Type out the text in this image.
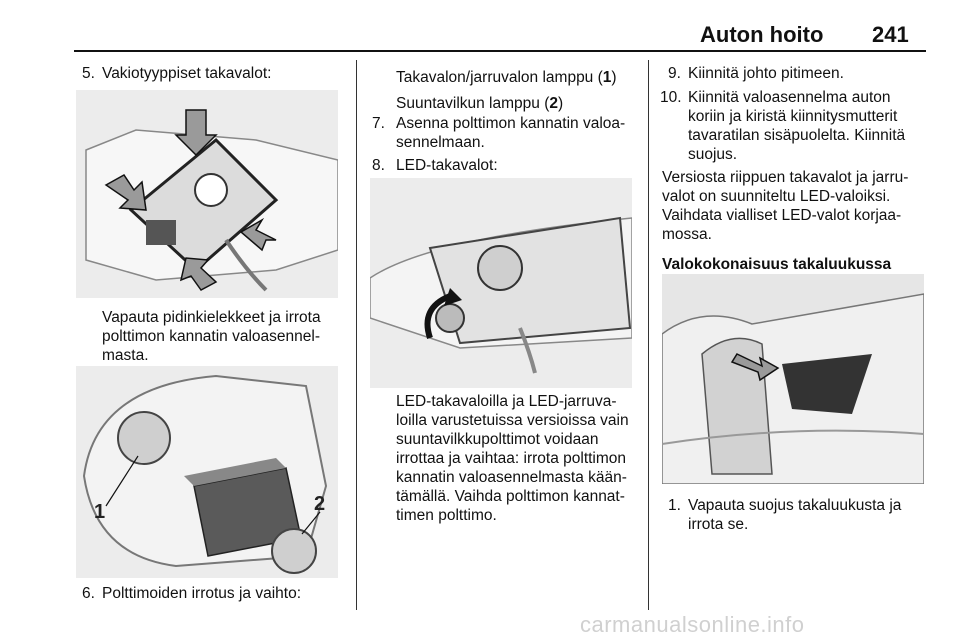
Auton hoito 241
5. Vakiotyyppiset takavalot:
Vapauta pidinkielekkeet ja irrota
polttimon kannatin valoasennel-
masta.
1	2
6. Polttimoiden irrotus ja vaihto:
Takavalon/jarruvalon lamppu (1)
Suuntavilkun lamppu (2)
7. Asenna polttimon kannatin valoa-
sennelmaan.
8. LED-takavalot:
LED-takavaloilla ja LED-jarruva-
loilla varustetuissa versioissa vain
suuntavilkkupolttimot voidaan
irrottaa ja vaihtaa: irrota polttimon
kannatin valoasennelmasta kään-
tämällä. Vaihda polttimon kannat-
timen polttimo.
9. Kiinnitä johto pitimeen.
10. Kiinnitä valoasennelma auton
koriin ja kiristä kiinnitysmutterit
tavaratilan sisäpuolelta. Kiinnitä
suojus.
Versiosta riippuen takavalot ja jarru-
valot on suunniteltu LED-valoiksi.
Vaihdata vialliset LED-valot korjaa-
mossa.
Valokokonaisuus takaluukussa
1. Vapauta suojus takaluukusta ja
irrota se.
carmanualsonline.info
